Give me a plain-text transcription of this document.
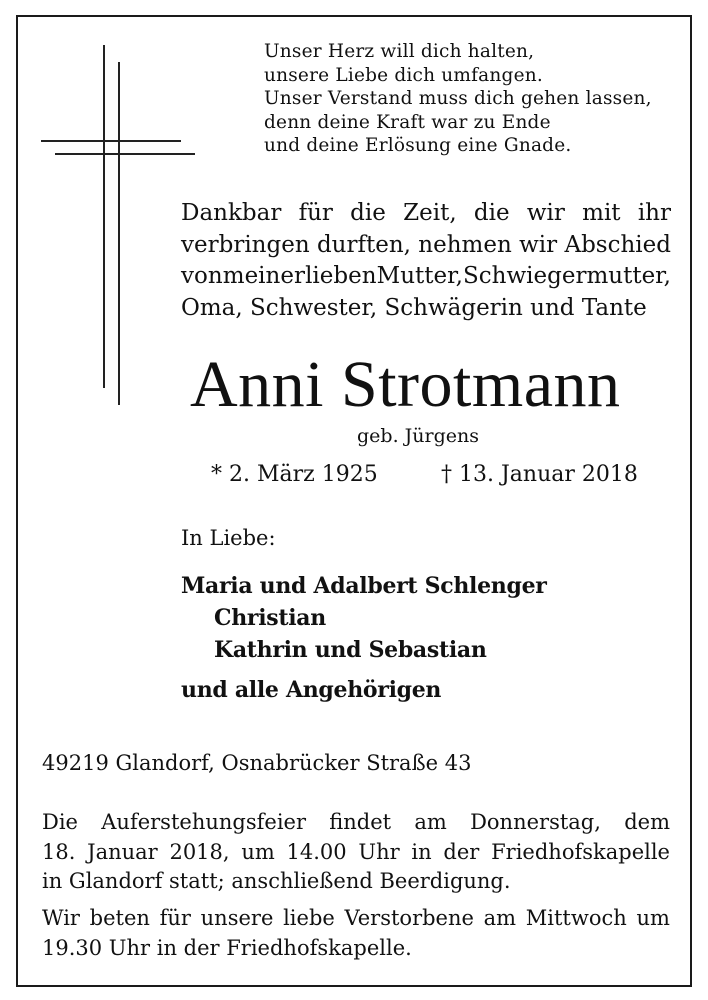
Unser Herz will dich halten,
unsere Liebe dich umfangen.
Unser Verstand muss dich gehen lassen,
denn deine Kraft war zu Ende
und deine Erlösung eine Gnade.
Dankbar für die Zeit, die wir mit ihr
verbringen durften, nehmen wir Abschied
von meiner lieben Mutter, Schwiegermutter,
Oma, Schwester, Schwägerin und Tante
Anni Strotmann
geb. Jürgens
* 2. März 1925	† 13. Januar 2018
In Liebe:
Maria und Adalbert Schlenger
Christian
Kathrin und Sebastian
und alle Angehörigen
49219 Glandorf, Osnabrücker Straße 43
Die Auferstehungsfeier findet am Donnerstag, dem
18. Januar 2018, um 14.00 Uhr in der Friedhofskapelle
in Glandorf statt; anschließend Beerdigung.
Wir beten für unsere liebe Verstorbene am Mittwoch um
19.30 Uhr in der Friedhofskapelle.
